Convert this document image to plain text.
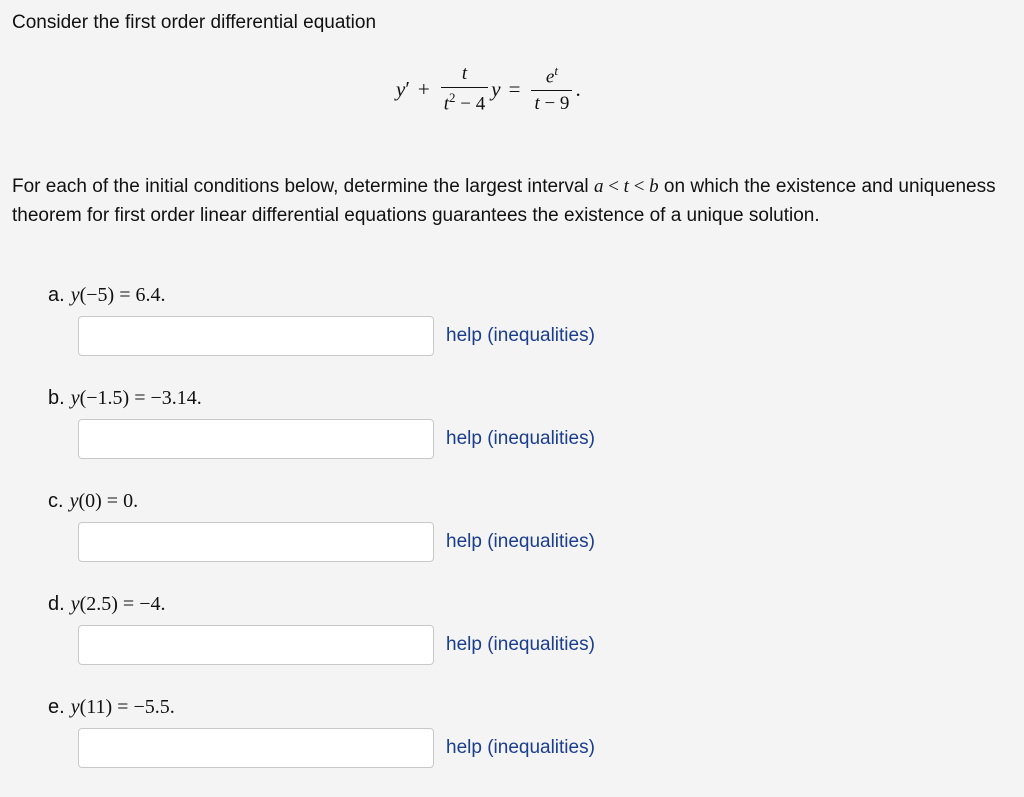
Consider the first order differential equation
y ′ + $\frac{t}{t^2 - 4}$ $y = \frac{e^t}{t - 9}$ .

For each of the initial conditions below, determine the largest interval a < t < b on which the existence and uniqueness theorem for first order linear differential equations guarantees the existence of a unique solution.

a. y(−5) = 6.4.
help (inequalities)
b. y(−1.5) = −3.14.
help (inequalities)
c. y(0) = 0.
help (inequalities)
d. y(2.5) = −4.
help (inequalities)
e. y(11) = −5.5.
help (inequalities)
